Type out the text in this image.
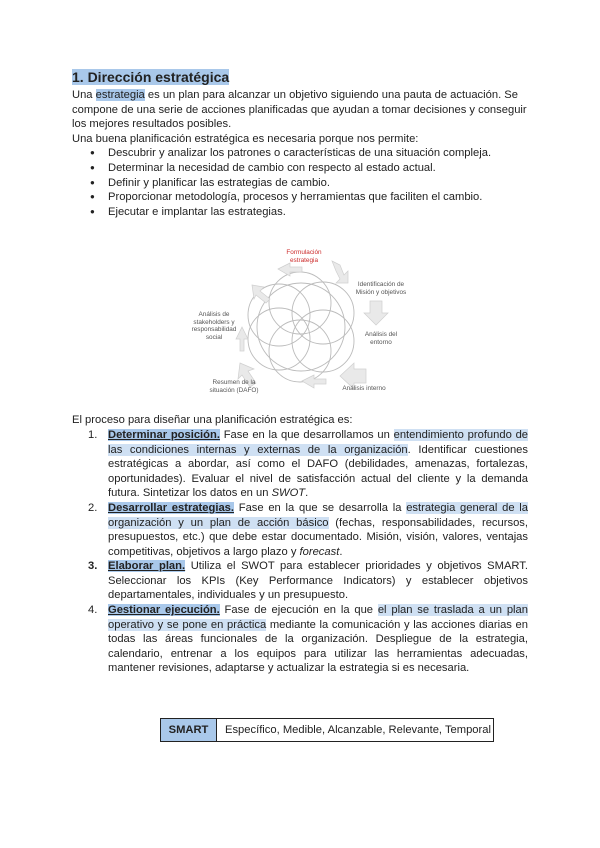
1. Dirección estratégica

Una estrategia es un plan para alcanzar un objetivo siguiendo una pauta de actuación. Se compone de una serie de acciones planificadas que ayudan a tomar decisiones y conseguir los mejores resultados posibles.

Una buena planificación estratégica es necesaria porque nos permite:

● Descubrir y analizar los patrones o características de una situación compleja.
● Determinar la necesidad de cambio con respecto al estado actual.
● Definir y planificar las estrategias de cambio.
● Proporcionar metodología, procesos y herramientas que faciliten el cambio.
● Ejecutar e implantar las estrategias.
Formulación estrategia
Identificación de Misión y objetivos
Análisis del entorno
Análisis interno
Resumen de la situación (DAFO)
Análisis de stakeholders y responsabilidad social

El proceso para diseñar una planificación estratégica es:

1. Determinar posición. Fase en la que desarrollamos un entendimiento profundo de las condiciones internas y externas de la organización. Identificar cuestiones estratégicas a abordar, así como el DAFO (debilidades, amenazas, fortalezas, oportunidades). Evaluar el nivel de satisfacción actual del cliente y la demanda futura. Sintetizar los datos en un SWOT.
2. Desarrollar estrategias. Fase en la que se desarrolla la estrategia general de la organización y un plan de acción básico (fechas, responsabilidades, recursos, presupuestos, etc.) que debe estar documentado. Misión, visión, valores, ventajas competitivas, objetivos a largo plazo y forecast.
3. Elaborar plan. Utiliza el SWOT para establecer prioridades y objetivos SMART. Seleccionar los KPIs (Key Performance Indicators) y establecer objetivos departamentales, individuales y un presupuesto.
4. Gestionar ejecución. Fase de ejecución en la que el plan se traslada a un plan operativo y se pone en práctica mediante la comunicación y las acciones diarias en todas las áreas funcionales de la organización. Despliegue de la estrategia, calendario, entrenar a los equipos para utilizar las herramientas adecuadas, mantener revisiones, adaptarse y actualizar la estrategia si es necesaria.
SMART	Específico, Medible, Alcanzable, Relevante, Temporal
